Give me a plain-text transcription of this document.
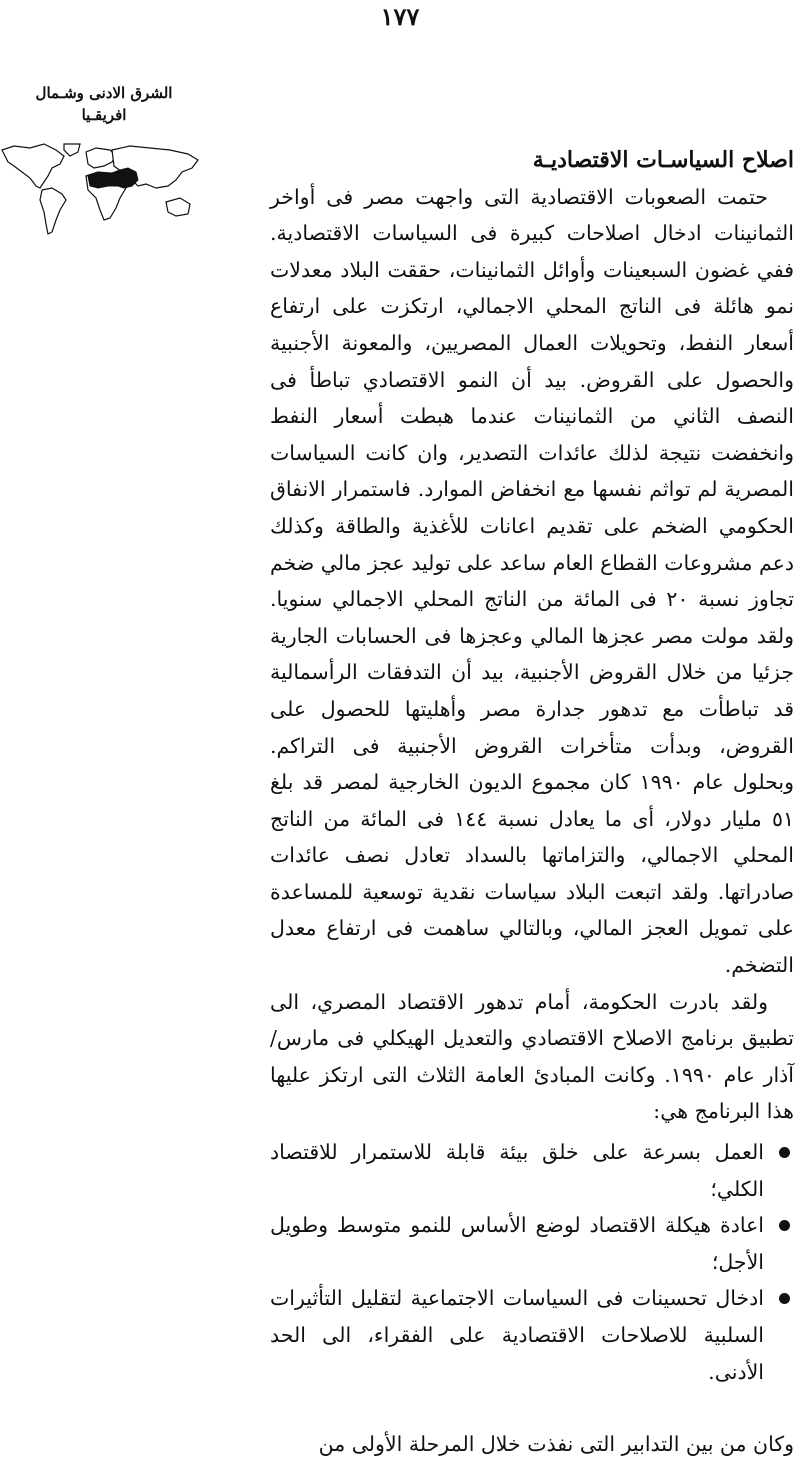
١٧٧
الشرق الادنى وشـمال
افريقـيا
اصلاح السياسـات الاقتصاديـة

حتمت الصعوبات الاقتصادية التى واجهت مصر فى أواخر الثمانينات ادخال اصلاحات كبيرة فى السياسات الاقتصادية. ففي غضون السبعينات وأوائل الثمانينات، حققت البلاد معدلات نمو هائلة فى الناتج المحلي الاجمالي، ارتكزت على ارتفاع أسعار النفط، وتحويلات العمال المصريين، والمعونة الأجنبية والحصول على القروض. بيد أن النمو الاقتصادي تباطأ فى النصف الثاني من الثمانينات عندما هبطت أسعار النفط وانخفضت نتيجة لذلك عائدات التصدير، وان كانت السياسات المصرية لم تواثم نفسها مع انخفاض الموارد. فاستمرار الانفاق الحكومي الضخم على تقديم اعانات للأغذية والطاقة وكذلك دعم مشروعات القطاع العام ساعد على توليد عجز مالي ضخم تجاوز نسبة ٢٠ فى المائة من الناتج المحلي الاجمالي سنويا. ولقد مولت مصر عجزها المالي وعجزها فى الحسابات الجارية جزئيا من خلال القروض الأجنبية، بيد أن التدفقات الرأسمالية قد تباطأت مع تدهور جدارة مصر وأهليتها للحصول على القروض، وبدأت متأخرات القروض الأجنبية فى التراكم. وبحلول عام ١٩٩٠ كان مجموع الديون الخارجية لمصر قد بلغ ٥١ مليار دولار، أى ما يعادل نسبة ١٤٤ فى المائة من الناتج المحلي الاجمالي، والتزاماتها بالسداد تعادل نصف عائدات صادراتها. ولقد اتبعت البلاد سياسات نقدية توسعية للمساعدة على تمويل العجز المالي، وبالتالي ساهمت فى ارتفاع معدل التضخم.

ولقد بادرت الحكومة، أمام تدهور الاقتصاد المصري، الى تطبيق برنامج الاصلاح الاقتصادي والتعديل الهيكلي فى مارس/آذار عام ١٩٩٠. وكانت المبادئ العامة الثلاث التى ارتكز عليها هذا البرنامج هي:

العمل بسرعة على خلق بيئة قابلة للاستمرار للاقتصاد الكلي؛
اعادة هيكلة الاقتصاد لوضع الأساس للنمو متوسط وطويل الأجل؛
ادخال تحسينات فى السياسات الاجتماعية لتقليل التأثيرات السلبية للاصلاحات الاقتصادية على الفقراء، الى الحد الأدنى.

وكان من بين التدابير التى نفذت خلال المرحلة الأولى من
